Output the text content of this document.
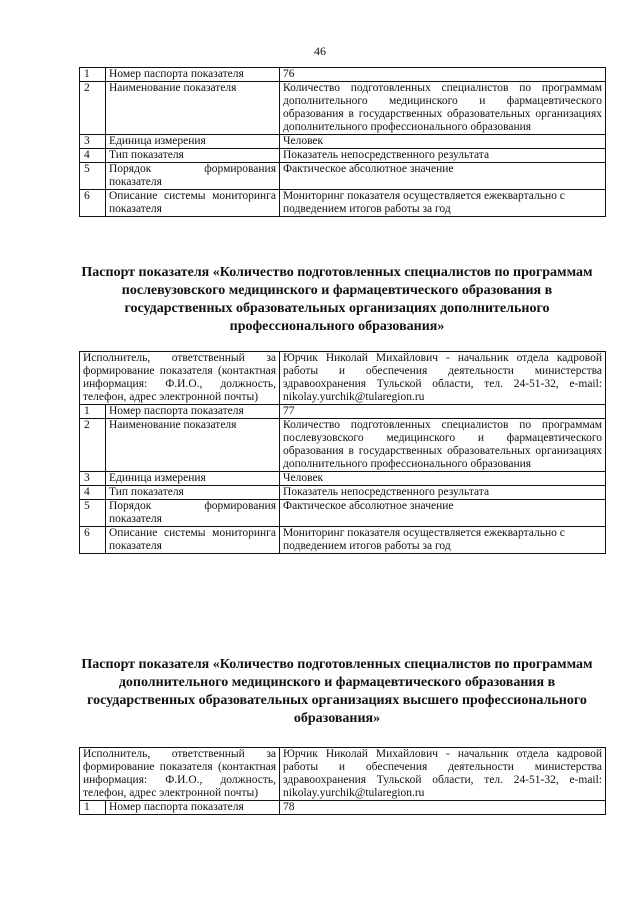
46
1	Номер паспорта показателя	76
2	Наименование показателя	Количество подготовленных специалистов по программам дополнительного медицинского и фармацевтического образования в государственных образовательных организациях дополнительного профессионального образования
3	Единица измерения	Человек
4	Тип показателя	Показатель непосредственного результата
5	Порядок формирования показателя	Фактическое абсолютное значение
6	Описание системы мониторинга показателя	Мониторинг показателя осуществляется ежеквартально с подведением итогов работы за год
Паспорт показателя «Количество подготовленных специалистов по программам послевузовского медицинского и фармацевтического образования в государственных образовательных организациях дополнительного профессионального образования»
Исполнитель, ответственный за формирование показателя (контактная информация: Ф.И.О., должность, телефон, адрес электронной почты)		Юрчик Николай Михайлович - начальник отдела кадровой работы и обеспечения деятельности министерства здравоохранения Тульской области, тел. 24-51-32, e-mail: nikolay.yurchik@tularegion.ru
1	Номер паспорта показателя	77
2	Наименование показателя	Количество подготовленных специалистов по программам послевузовского медицинского и фармацевтического образования в государственных образовательных организациях дополнительного профессионального образования
3	Единица измерения	Человек
4	Тип показателя	Показатель непосредственного результата
5	Порядок формирования показателя	Фактическое абсолютное значение
6	Описание системы мониторинга показателя	Мониторинг показателя осуществляется ежеквартально с подведением итогов работы за год
Паспорт показателя «Количество подготовленных специалистов по программам дополнительного медицинского и фармацевтического образования в государственных образовательных организациях высшего профессионального образования»
Исполнитель, ответственный за формирование показателя (контактная информация: Ф.И.О., должность, телефон, адрес электронной почты)		Юрчик Николай Михайлович - начальник отдела кадровой работы и обеспечения деятельности министерства здравоохранения Тульской области, тел. 24-51-32, e-mail: nikolay.yurchik@tularegion.ru
1	Номер паспорта показателя	78
